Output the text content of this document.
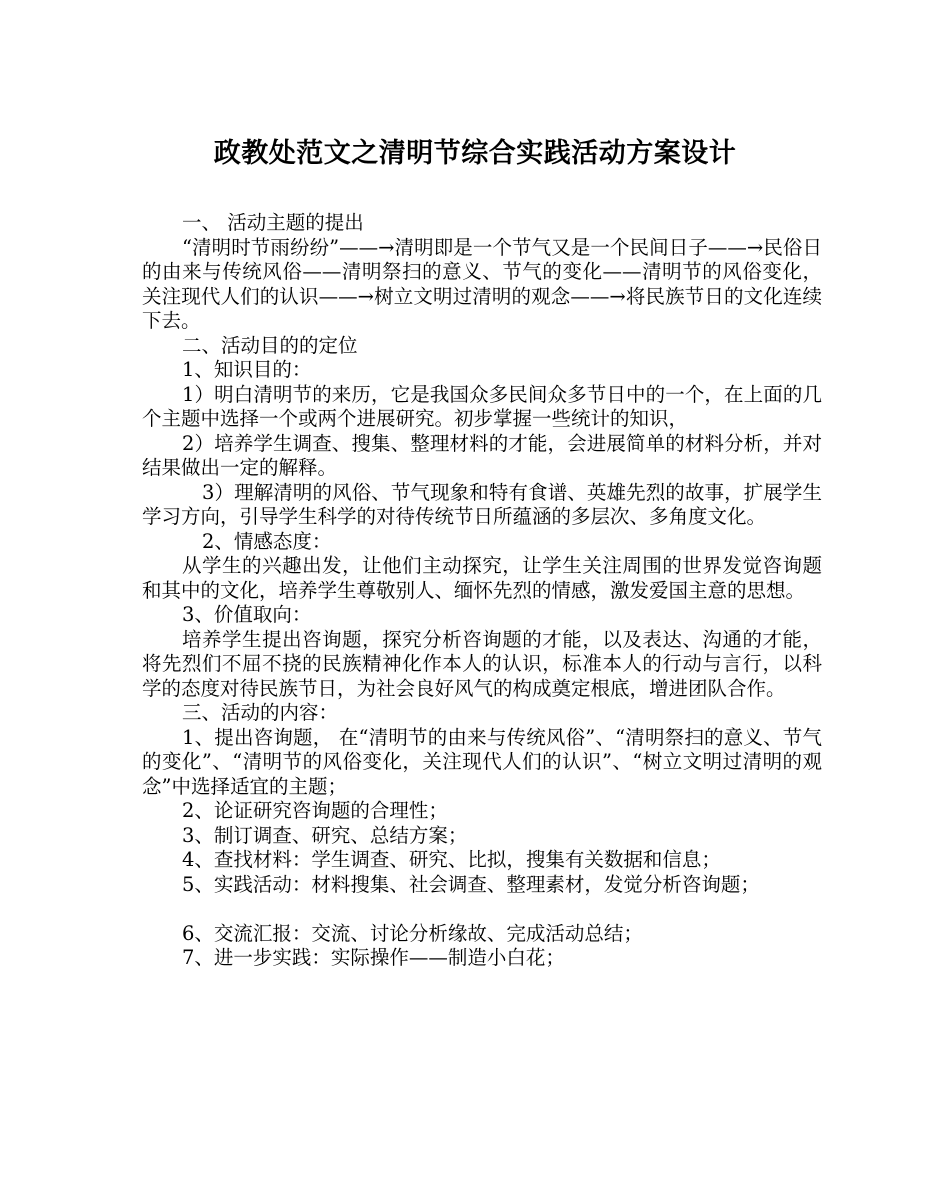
政教处范文之清明节综合实践活动方案设计

一、 活动主题的提出

“清明时节雨纷纷”——→清明即是一个节气又是一个民间日子——→民俗日的由来与传统风俗——清明祭扫的意义、节气的变化——清明节的风俗变化，关注现代人们的认识——→树立文明过清明的观念——→将民族节日的文化连续下去。

二、活动目的的定位

1、知识目的：

1）明白清明节的来历，它是我国众多民间众多节日中的一个，在上面的几个主题中选择一个或两个进展研究。初步掌握一些统计的知识，

2）培养学生调查、搜集、整理材料的才能，会进展简单的材料分析，并对结果做出一定的解释。

3）理解清明的风俗、节气现象和特有食谱、英雄先烈的故事，扩展学生学习方向，引导学生科学的对待传统节日所蕴涵的多层次、多角度文化。

2、情感态度：

从学生的兴趣出发，让他们主动探究，让学生关注周围的世界发觉咨询题和其中的文化，培养学生尊敬别人、缅怀先烈的情感，激发爱国主意的思想。

3、价值取向：

培养学生提出咨询题，探究分析咨询题的才能，以及表达、沟通的才能，将先烈们不屈不挠的民族精神化作本人的认识，标准本人的行动与言行，以科学的态度对待民族节日，为社会良好风气的构成奠定根底，增进团队合作。

三、活动的内容：

1、提出咨询题， 在“清明节的由来与传统风俗”、“清明祭扫的意义、节气的变化”、“清明节的风俗变化，关注现代人们的认识”、“树立文明过清明的观念”中选择适宜的主题；

2、论证研究咨询题的合理性；

3、制订调查、研究、总结方案；

4、查找材料：学生调查、研究、比拟，搜集有关数据和信息；

5、实践活动：材料搜集、社会调查、整理素材，发觉分析咨询题；

6、交流汇报：交流、讨论分析缘故、完成活动总结；

7、进一步实践：实际操作——制造小白花；
